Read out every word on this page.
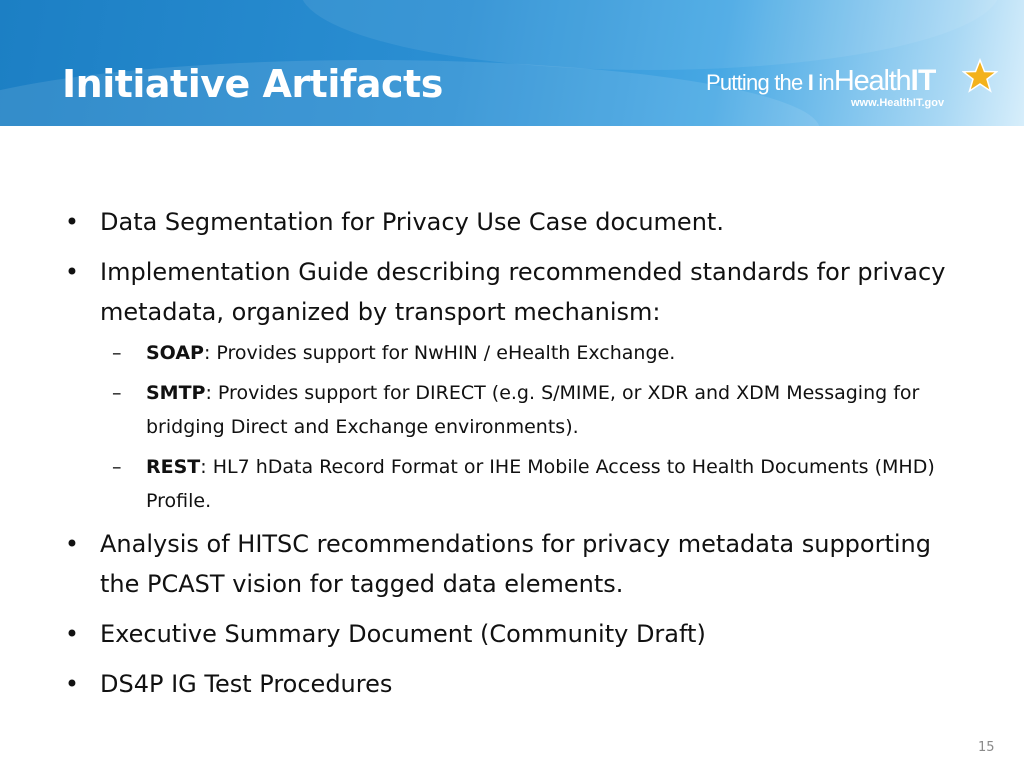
Initiative Artifacts	Putting the I inHealthIT
www.HealthIT.gov
• Data Segmentation for Privacy Use Case document.
• Implementation Guide describing recommended standards for privacy metadata, organized by transport mechanism:
– SOAP: Provides support for NwHIN / eHealth Exchange.
– SMTP: Provides support for DIRECT (e.g. S/MIME, or XDR and XDM Messaging for bridging Direct and Exchange environments).
– REST: HL7 hData Record Format or IHE Mobile Access to Health Documents (MHD) Profile.
• Analysis of HITSC recommendations for privacy metadata supporting the PCAST vision for tagged data elements.
• Executive Summary Document (Community Draft)
• DS4P IG Test Procedures
15
